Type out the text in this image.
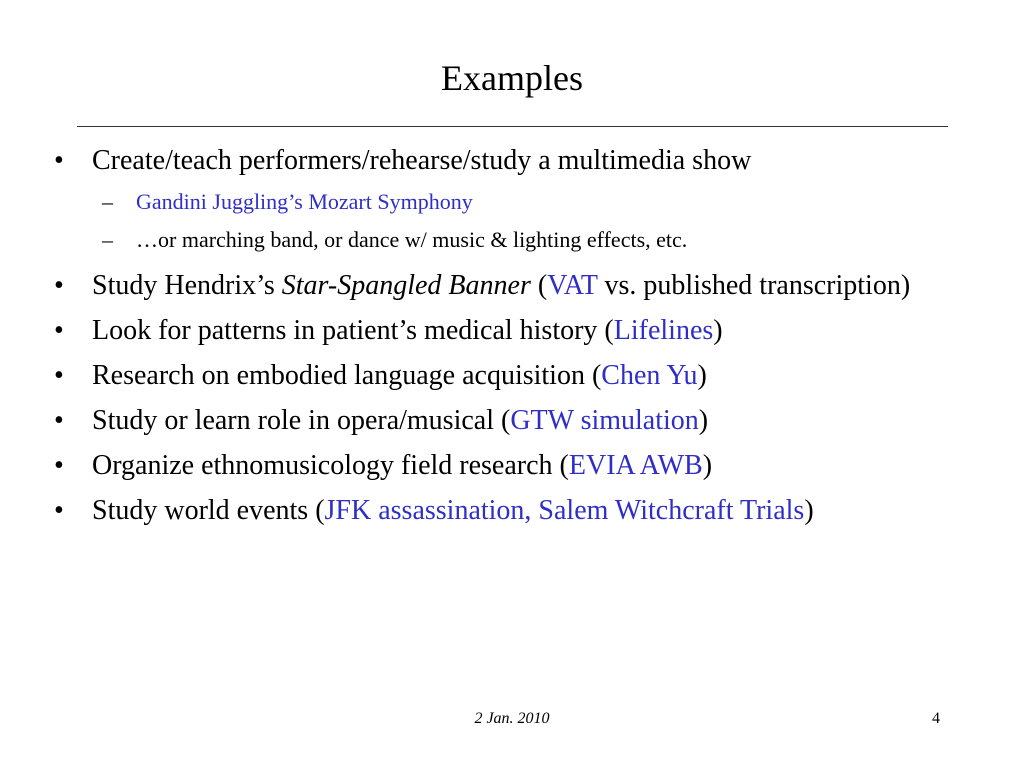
Examples
• Create/teach performers/rehearse/study a multimedia show
– Gandini Juggling’s Mozart Symphony
– …or marching band, or dance w/ music & lighting effects, etc.
• Study Hendrix’s Star-Spangled Banner (VAT vs. published transcription)
• Look for patterns in patient’s medical history (Lifelines)
• Research on embodied language acquisition (Chen Yu)
• Study or learn role in opera/musical (GTW simulation)
• Organize ethnomusicology field research (EVIA AWB)
• Study world events (JFK assassination, Salem Witchcraft Trials)
2 Jan. 2010	4
